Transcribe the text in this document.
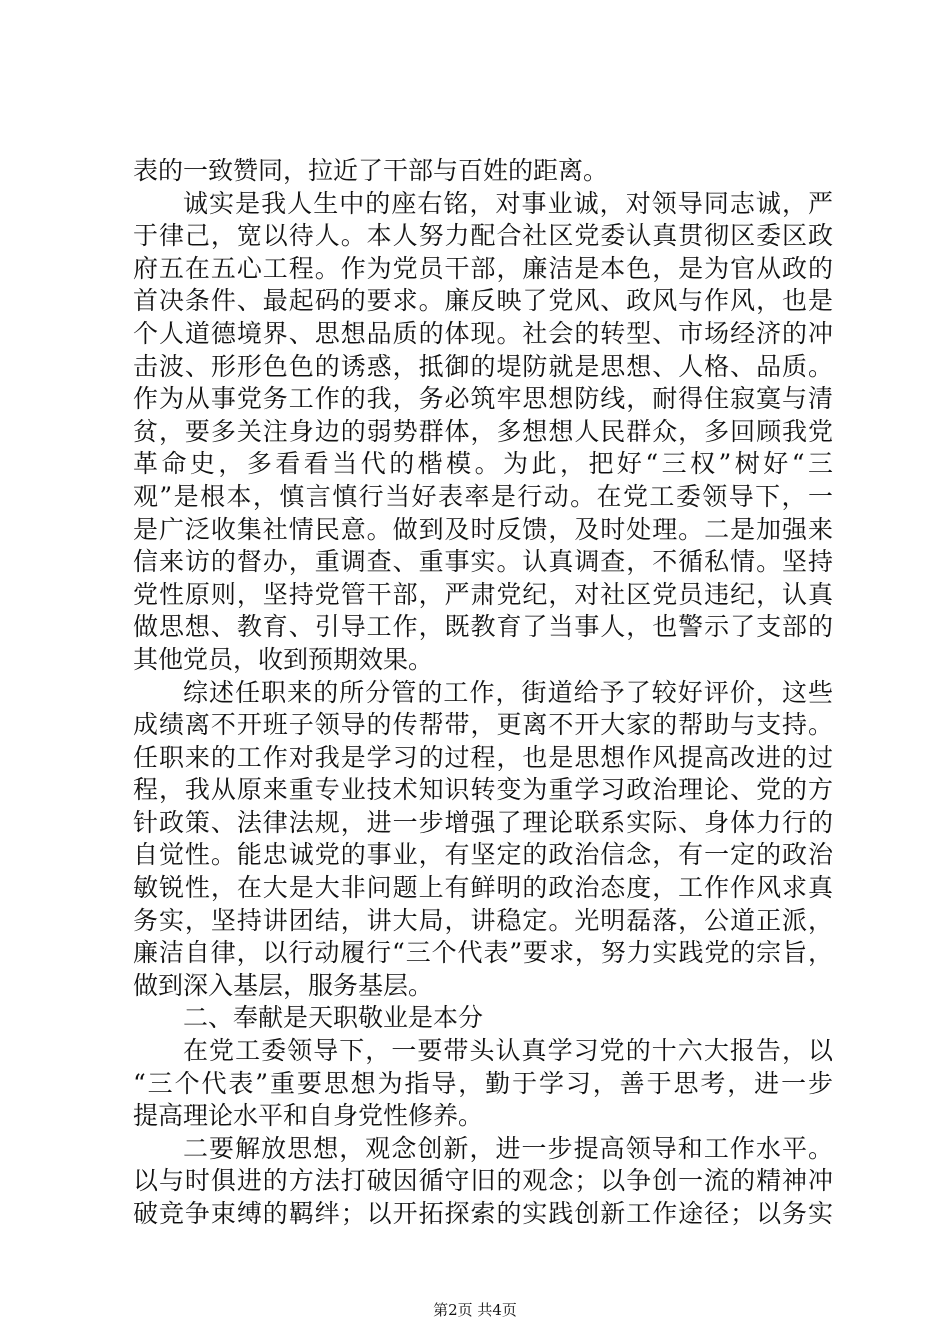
表的一致赞同，拉近了干部与百姓的距离。
诚实是我人生中的座右铭，对事业诚，对领导同志诚，严
于律己，宽以待人。本人努力配合社区党委认真贯彻区委区政
府五在五心工程。作为党员干部，廉洁是本色，是为官从政的
首决条件、最起码的要求。廉反映了党风、政风与作风，也是
个人道德境界、思想品质的体现。社会的转型、市场经济的冲
击波、形形色色的诱惑，抵御的堤防就是思想、人格、品质。
作为从事党务工作的我，务必筑牢思想防线，耐得住寂寞与清
贫，要多关注身边的弱势群体，多想想人民群众，多回顾我党
革命史，多看看当代的楷模。为此，把好“三权”树好“三
观”是根本，慎言慎行当好表率是行动。在党工委领导下，一
是广泛收集社情民意。做到及时反馈，及时处理。二是加强来
信来访的督办，重调查、重事实。认真调查，不循私情。坚持
党性原则，坚持党管干部，严肃党纪，对社区党员违纪，认真
做思想、教育、引导工作，既教育了当事人，也警示了支部的
其他党员，收到预期效果。
综述任职来的所分管的工作，街道给予了较好评价，这些
成绩离不开班子领导的传帮带，更离不开大家的帮助与支持。
任职来的工作对我是学习的过程，也是思想作风提高改进的过
程，我从原来重专业技术知识转变为重学习政治理论、党的方
针政策、法律法规，进一步增强了理论联系实际、身体力行的
自觉性。能忠诚党的事业，有坚定的政治信念，有一定的政治
敏锐性，在大是大非问题上有鲜明的政治态度，工作作风求真
务实，坚持讲团结，讲大局，讲稳定。光明磊落，公道正派，
廉洁自律，以行动履行“三个代表”要求，努力实践党的宗旨，
做到深入基层，服务基层。
二、奉献是天职敬业是本分
在党工委领导下，一要带头认真学习党的十六大报告，以
“三个代表”重要思想为指导，勤于学习，善于思考，进一步
提高理论水平和自身党性修养。
二要解放思想，观念创新，进一步提高领导和工作水平。
以与时俱进的方法打破因循守旧的观念；以争创一流的精神冲
破竞争束缚的羁绊；以开拓探索的实践创新工作途径；以务实
第2页 共4页
